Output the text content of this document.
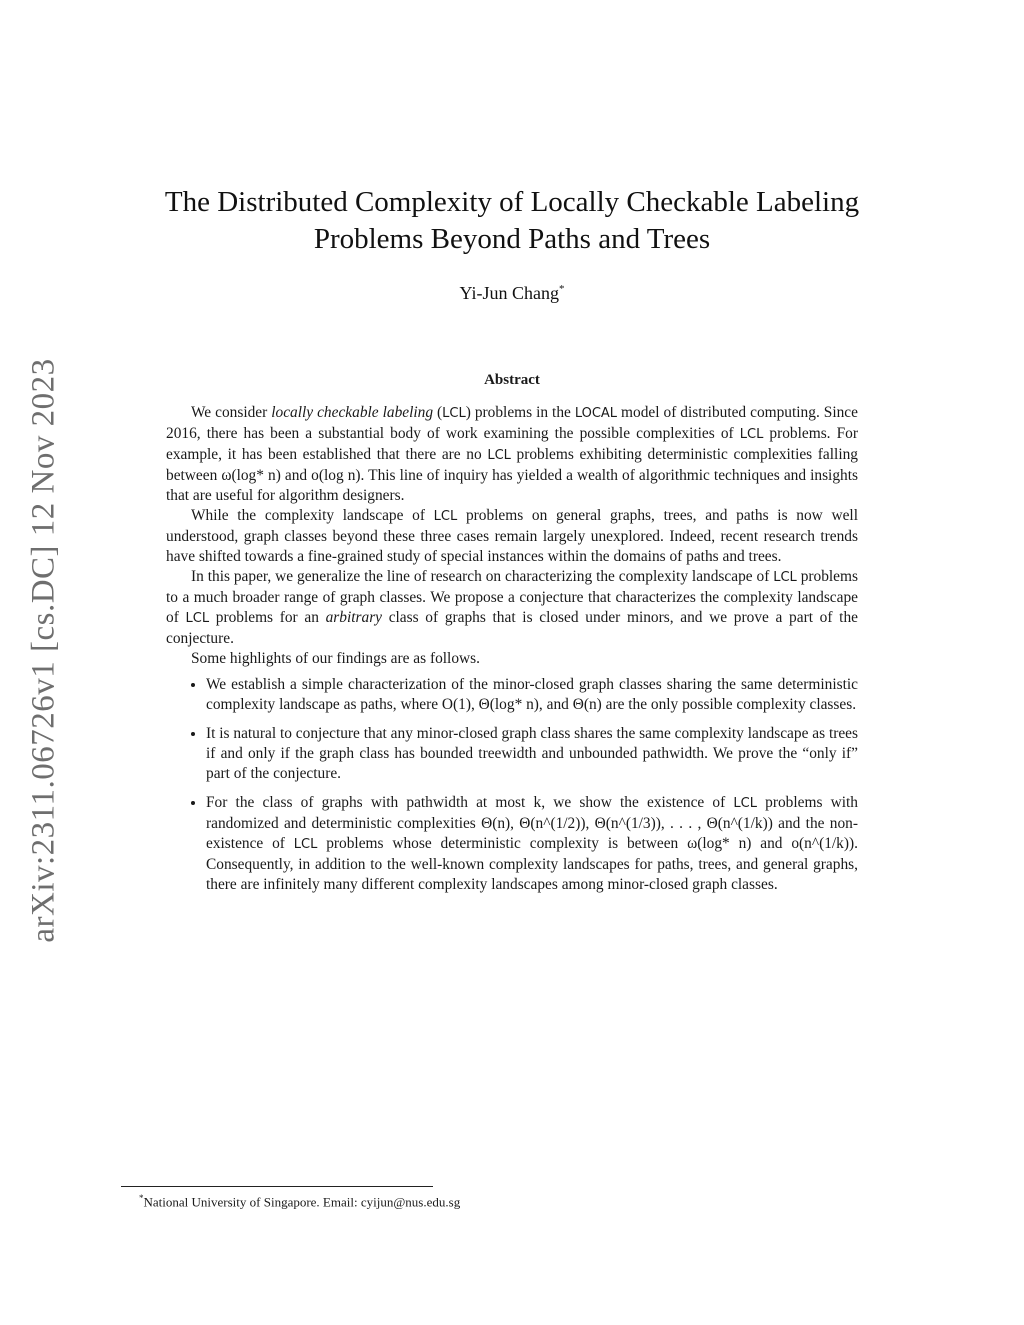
arXiv:2311.06726v1 [cs.DC] 12 Nov 2023
The Distributed Complexity of Locally Checkable Labeling Problems Beyond Paths and Trees
Yi-Jun Chang*
Abstract

We consider locally checkable labeling (LCL) problems in the LOCAL model of distributed computing. Since 2016, there has been a substantial body of work examining the possible complexities of LCL problems. For example, it has been established that there are no LCL problems exhibiting deterministic complexities falling between ω(log* n) and o(log n). This line of inquiry has yielded a wealth of algorithmic techniques and insights that are useful for algorithm designers.

While the complexity landscape of LCL problems on general graphs, trees, and paths is now well understood, graph classes beyond these three cases remain largely unexplored. Indeed, recent research trends have shifted towards a fine-grained study of special instances within the domains of paths and trees.

In this paper, we generalize the line of research on characterizing the complexity landscape of LCL problems to a much broader range of graph classes. We propose a conjecture that characterizes the complexity landscape of LCL problems for an arbitrary class of graphs that is closed under minors, and we prove a part of the conjecture.

Some highlights of our findings are as follows.

• We establish a simple characterization of the minor-closed graph classes sharing the same deterministic complexity landscape as paths, where O(1), Θ(log* n), and Θ(n) are the only possible complexity classes.
• It is natural to conjecture that any minor-closed graph class shares the same complexity landscape as trees if and only if the graph class has bounded treewidth and unbounded pathwidth. We prove the “only if” part of the conjecture.
• For the class of graphs with pathwidth at most k, we show the existence of LCL problems with randomized and deterministic complexities Θ(n), Θ(n^(1/2)), Θ(n^(1/3)), . . . , Θ(n^(1/k)) and the non-existence of LCL problems whose deterministic complexity is between ω(log* n) and o(n^(1/k)). Consequently, in addition to the well-known complexity landscapes for paths, trees, and general graphs, there are infinitely many different complexity landscapes among minor-closed graph classes.
*National University of Singapore. Email: cyijun@nus.edu.sg
